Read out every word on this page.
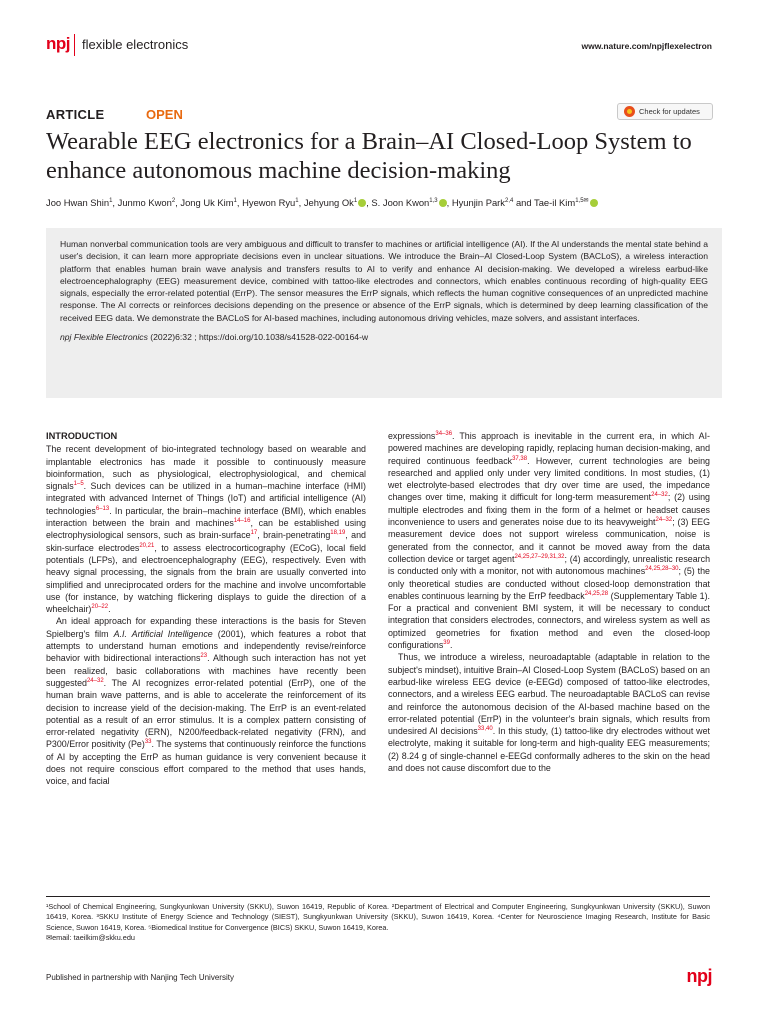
npj flexible electronics	www.nature.com/npjflexelectron
ARTICLE	OPEN	Check for updates
Wearable EEG electronics for a Brain–AI Closed-Loop System to enhance autonomous machine decision-making
Joo Hwan Shin$^1$, Junmo Kwon$^2$, Jong Uk Kim$^1$, Hyewon Ryu$^1$, Jehyung Ok$^1$ , S. Joon Kwon$^{1,3}$ , Hyunjin Park$^{2,4}$ and Tae-il Kim$^{1,5✉}$
Human nonverbal communication tools are very ambiguous and difficult to transfer to machines or artificial intelligence (AI). If the AI understands the mental state behind a user's decision, it can learn more appropriate decisions even in unclear situations. We introduce the Brain–AI Closed-Loop System (BACLoS), a wireless interaction platform that enables human brain wave analysis and transfers results to AI to verify and enhance AI decision-making. We developed a wireless earbud-like electroencephalography (EEG) measurement device, combined with tattoo-like electrodes and connectors, which enables continuous recording of high-quality EEG signals, especially the error-related potential (ErrP). The sensor measures the ErrP signals, which reflects the human cognitive consequences of an unpredicted machine response. The AI corrects or reinforces decisions depending on the presence or absence of the ErrP signals, which is determined by deep learning classification of the received EEG data. We demonstrate the BACLoS for AI-based machines, including autonomous driving vehicles, maze solvers, and assistant interfaces.
npj Flexible Electronics (2022)6:32 ; https://doi.org/10.1038/s41528-022-00164-w
INTRODUCTION

The recent development of bio-integrated technology based on wearable and implantable electronics has made it possible to continuously measure bioinformation, such as physiological, electrophysiological, and chemical signals$^{1-5}$. Such devices can be utilized in a human–machine interface (HMI) integrated with advanced Internet of Things (IoT) and artificial intelligence (AI) technologies$^{6-13}$. In particular, the brain–machine interface (BMI), which enables interaction between the brain and machines$^{14-16}$, can be established using electrophysiological sensors, such as brain-surface$^{17}$, brain-penetrating$^{18,19}$, and skin-surface electrodes$^{20,21}$, to assess electrocorticography (ECoG), local field potentials (LFPs), and electroencephalography (EEG), respectively. Even with heavy signal processing, the signals from the brain are usually converted into simplified and unreciprocated orders for the machine and involve uncomfortable use (for instance, by watching flickering displays to guide the direction of a wheelchair)$^{20-22}$.

An ideal approach for expanding these interactions is the basis for Steven Spielberg's film A.I. Artificial Intelligence (2001), which features a robot that attempts to understand human emotions and independently revise/reinforce behavior with bidirectional interactions$^{23}$. Although such interaction has not yet been realized, basic collaborations with machines have recently been suggested$^{24-32}$. The AI recognizes error-related potential (ErrP), one of the human brain wave patterns, and is able to accelerate the reinforcement of its decision to increase yield of the decision-making. The ErrP is an event-related potential as a result of an error stimulus. It is a complex pattern consisting of error-related negativity (ERN), N200/feedback-related negativity (FRN), and P300/Error positivity (Pe)$^{33}$. The systems that continuously reinforce the functions of AI by accepting the ErrP as human guidance is very convenient because it does not require conscious effort compared to the method that uses hands, voice, and facial

expressions$^{34-36}$. This approach is inevitable in the current era, in which AI-powered machines are developing rapidly, replacing human decision-making, and required continuous feedback$^{37,38}$. However, current technologies are being researched and applied only under very limited conditions. In most studies, (1) wet electrolyte-based electrodes that dry over time are used, the impedance changes over time, making it difficult for long-term measurement$^{24-32}$; (2) using multiple electrodes and fixing them in the form of a helmet or headset causes inconvenience to users and generates noise due to its heavyweight$^{24-32}$; (3) EEG measurement device does not support wireless communication, noise is generated from the connector, and it cannot be moved away from the data collection device or target agent$^{24,25,27-29,31,32}$; (4) accordingly, unrealistic research is conducted only with a monitor, not with autonomous machines$^{24,25,28-30}$; (5) the only theoretical studies are conducted without closed-loop demonstration that enables continuous learning by the ErrP feedback$^{24,25,28}$ (Supplementary Table 1). For a practical and convenient BMI system, it will be necessary to conduct integration that considers electrodes, connectors, and wireless system as well as optimized geometries for fixation method and even the closed-loop configurations$^{39}$.

Thus, we introduce a wireless, neuroadaptable (adaptable in relation to the subject's mindset), intuitive Brain–AI Closed-Loop System (BACLoS) based on an earbud-like wireless EEG device (e-EEGd) composed of tattoo-like electrodes, connectors, and a wireless EEG earbud. The neuroadaptable BACLoS can revise and reinforce the autonomous decision of the AI-based machine based on the error-related potential (ErrP) in the volunteer's brain signals, which results from undesired AI decisions$^{33,40}$. In this study, (1) tattoo-like dry electrodes without wet electrolyte, making it suitable for long-term and high-quality EEG measurements; (2) 8.24 g of single-channel e-EEGd conformally adheres to the skin on the head and does not cause discomfort due to the

¹School of Chemical Engineering, Sungkyunkwan University (SKKU), Suwon 16419, Republic of Korea. ²Department of Electrical and Computer Engineering, Sungkyunkwan University (SKKU), Suwon 16419, Korea. ³SKKU Institute of Energy Science and Technology (SIEST), Sungkyunkwan University (SKKU), Suwon 16419, Korea. ⁴Center for Neuroscience Imaging Research, Institute for Basic Science, Suwon 16419, Korea. ⁵Biomedical Institue for Convergence (BICS) SKKU, Suwon 16419, Korea.
✉email: taeilkim@skku.edu
Published in partnership with Nanjing Tech University	npj
